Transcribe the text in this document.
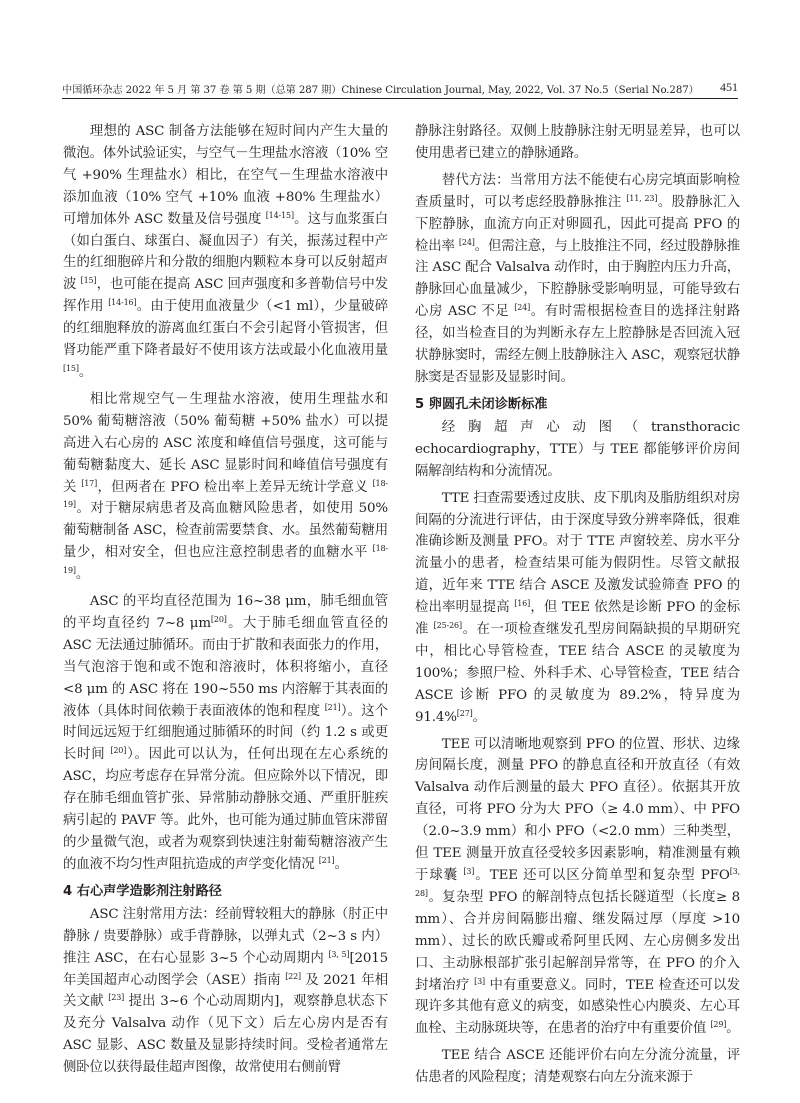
中国循环杂志 2022 年 5 月 第 37 卷 第 5 期（总第 287 期）Chinese Circulation Journal, May, 2022, Vol. 37 No.5（Serial No.287） 451

理想的 ASC 制备方法能够在短时间内产生大量的微泡。体外试验证实，与空气－生理盐水溶液（10% 空气 +90% 生理盐水）相比，在空气－生理盐水溶液中添加血液（10% 空气 +10% 血液 +80% 生理盐水）可增加体外 ASC 数量及信号强度 [14-15]。这与血浆蛋白（如白蛋白、球蛋白、凝血因子）有关，振荡过程中产生的红细胞碎片和分散的细胞内颗粒本身可以反射超声波 [15]，也可能在提高 ASC 回声强度和多普勒信号中发挥作用 [14-16]。由于使用血液量少（<1 ml），少量破碎的红细胞释放的游离血红蛋白不会引起肾小管损害，但肾功能严重下降者最好不使用该方法或最小化血液用量 [15]。

相比常规空气－生理盐水溶液，使用生理盐水和 50% 葡萄糖溶液（50% 葡萄糖 +50% 盐水）可以提高进入右心房的 ASC 浓度和峰值信号强度，这可能与葡萄糖黏度大、延长 ASC 显影时间和峰值信号强度有关 [17]，但两者在 PFO 检出率上差异无统计学意义 [18-19]。对于糖尿病患者及高血糖风险患者，如使用 50% 葡萄糖制备 ASC，检查前需要禁食、水。虽然葡萄糖用量少，相对安全，但也应注意控制患者的血糖水平 [18-19]。

ASC 的平均直径范围为 16~38 μm，肺毛细血管的平均直径约 7~8 μm[20]。大于肺毛细血管直径的 ASC 无法通过肺循环。而由于扩散和表面张力的作用，当气泡溶于饱和或不饱和溶液时，体积将缩小，直径 <8 μm 的 ASC 将在 190~550 ms 内溶解于其表面的液体（具体时间依赖于表面液体的饱和程度 [21]）。这个时间远远短于红细胞通过肺循环的时间（约 1.2 s 或更长时间 [20]）。因此可以认为，任何出现在左心系统的 ASC，均应考虑存在异常分流。但应除外以下情况，即存在肺毛细血管扩张、异常肺动静脉交通、严重肝脏疾病引起的 PAVF 等。此外，也可能为通过肺血管床滞留的少量微气泡，或者为观察到快速注射葡萄糖溶液产生的血液不均匀性声阻抗造成的声学变化情况 [21]。

4 右心声学造影剂注射路径

ASC 注射常用方法：经前臂较粗大的静脉（肘正中静脉 / 贵要静脉）或手背静脉，以弹丸式（2~3 s 内）推注 ASC，在右心显影 3~5 个心动周期内 [3, 5][2015 年美国超声心动图学会（ASE）指南 [22] 及 2021 年相关文献 [23] 提出 3~6 个心动周期内]，观察静息状态下及充分 Valsalva 动作（见下文）后左心房内是否有 ASC 显影、ASC 数量及显影持续时间。受检者通常左侧卧位以获得最佳超声图像，故常使用右侧前臂

静脉注射路径。双侧上肢静脉注射无明显差异，也可以使用患者已建立的静脉通路。

替代方法：当常用方法不能使右心房完填面影响检查质量时，可以考虑经股静脉推注 [11, 23]。股静脉汇入下腔静脉，血流方向正对卵圆孔，因此可提高 PFO 的检出率 [24]。但需注意，与上肢推注不同，经过股静脉推注 ASC 配合 Valsalva 动作时，由于胸腔内压力升高，静脉回心血量减少，下腔静脉受影响明显，可能导致右心房 ASC 不足 [24]。有时需根据检查目的选择注射路径，如当检查目的为判断永存左上腔静脉是否回流入冠状静脉窦时，需经左侧上肢静脉注入 ASC，观察冠状静脉窦是否显影及显影时间。

5 卵圆孔未闭诊断标准

经胸超声心动图（transthoracic echocardiography，TTE）与 TEE 都能够评价房间隔解剖结构和分流情况。

TTE 扫查需要透过皮肤、皮下肌肉及脂肪组织对房间隔的分流进行评估，由于深度导致分辨率降低，很难准确诊断及测量 PFO。对于 TTE 声窗较差、房水平分流量小的患者，检查结果可能为假阴性。尽管文献报道，近年来 TTE 结合 ASCE 及激发试验筛查 PFO 的检出率明显提高 [16]，但 TEE 依然是诊断 PFO 的金标准 [25-26]。在一项检查继发孔型房间隔缺损的早期研究中，相比心导管检查，TEE 结合 ASCE 的灵敏度为 100%；参照尸检、外科手术、心导管检查，TEE 结合 ASCE 诊断 PFO 的灵敏度为 89.2%，特异度为 91.4%[27]。

TEE 可以清晰地观察到 PFO 的位置、形状、边缘房间隔长度，测量 PFO 的静息直径和开放直径（有效 Valsalva 动作后测量的最大 PFO 直径）。依据其开放直径，可将 PFO 分为大 PFO（≥ 4.0 mm）、中 PFO（2.0~3.9 mm）和小 PFO（<2.0 mm）三种类型，但 TEE 测量开放直径受较多因素影响，精准测量有赖于球囊 [3]。TEE 还可以区分简单型和复杂型 PFO[3, 28]。复杂型 PFO 的解剖特点包括长隧道型（长度≥ 8 mm）、合并房间隔膨出瘤、继发隔过厚（厚度 >10 mm）、过长的欧氏瓣或希阿里氏网、左心房侧多发出口、主动脉根部扩张引起解剖异常等，在 PFO 的介入封堵治疗 [3] 中有重要意义。同时，TEE 检查还可以发现许多其他有意义的病变，如感染性心内膜炎、左心耳血栓、主动脉斑块等，在患者的治疗中有重要价值 [29]。

TEE 结合 ASCE 还能评价右向左分流分流量，评估患者的风险程度；清楚观察右向左分流来源于
